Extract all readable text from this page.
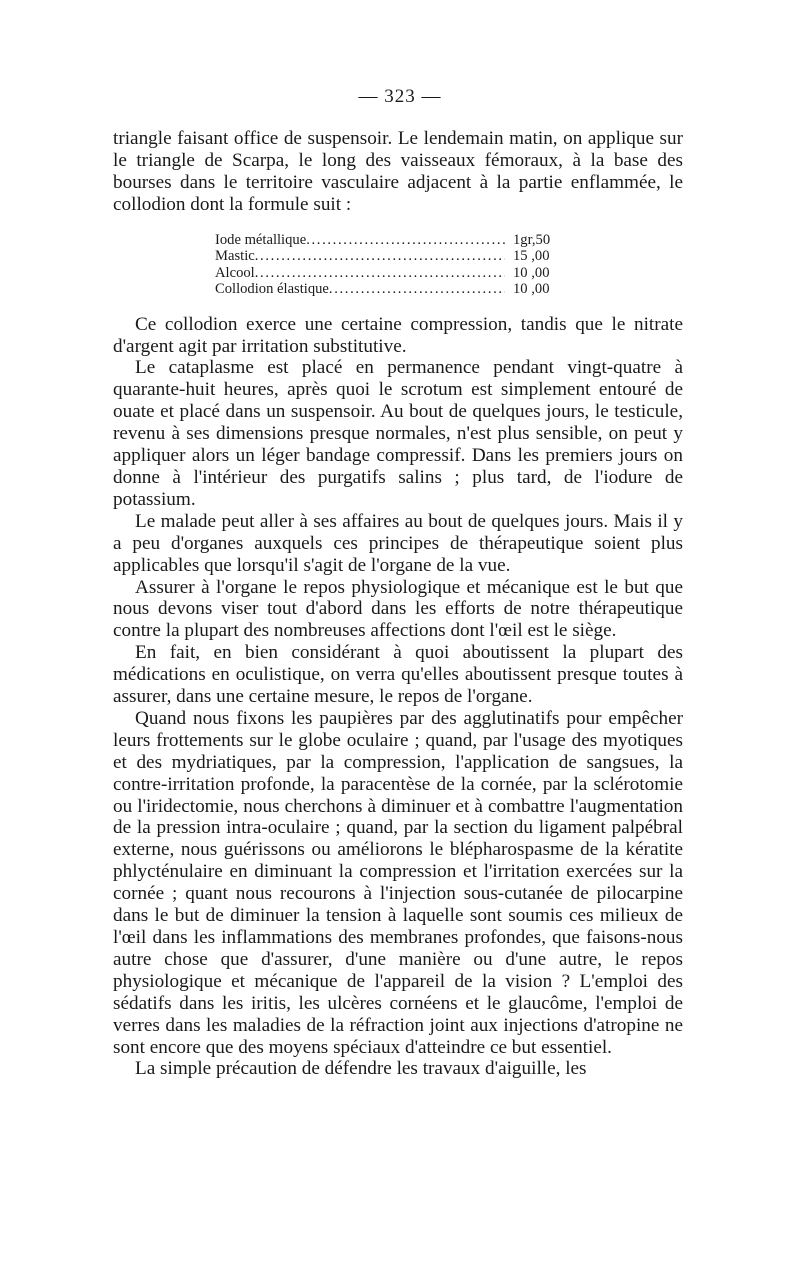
— 323 —

triangle faisant office de suspensoir. Le lendemain matin, on applique sur le triangle de Scarpa, le long des vaisseaux fémoraux, à la base des bourses dans le territoire vasculaire adjacent à la partie enflammée, le collodion dont la formule suit :

Iode métallique . . .	1gr,50
Mastic . . .	15 ,00
Alcool . . .	10 ,00
Collodion élastique . . .	10 ,00

Ce collodion exerce une certaine compression, tandis que le nitrate d'argent agit par irritation substitutive.

Le cataplasme est placé en permanence pendant vingt-quatre à quarante-huit heures, après quoi le scrotum est simplement entouré de ouate et placé dans un suspensoir. Au bout de quelques jours, le testicule, revenu à ses dimensions presque normales, n'est plus sensible, on peut y appliquer alors un léger bandage compressif. Dans les premiers jours on donne à l'intérieur des purgatifs salins ; plus tard, de l'iodure de potassium.

Le malade peut aller à ses affaires au bout de quelques jours. Mais il y a peu d'organes auxquels ces principes de thérapeutique soient plus applicables que lorsqu'il s'agit de l'organe de la vue.

Assurer à l'organe le repos physiologique et mécanique est le but que nous devons viser tout d'abord dans les efforts de notre thérapeutique contre la plupart des nombreuses affections dont l'œil est le siège.

En fait, en bien considérant à quoi aboutissent la plupart des médications en oculistique, on verra qu'elles aboutissent presque toutes à assurer, dans une certaine mesure, le repos de l'organe.

Quand nous fixons les paupières par des agglutinatifs pour empêcher leurs frottements sur le globe oculaire ; quand, par l'usage des myotiques et des mydriatiques, par la compression, l'application de sangsues, la contre-irritation profonde, la paracentèse de la cornée, par la sclérotomie ou l'iridectomie, nous cherchons à diminuer et à combattre l'augmentation de la pression intra-oculaire ; quand, par la section du ligament palpébral externe, nous guérissons ou améliorons le blépharospasme de la kératite phlycténulaire en diminuant la compression et l'irritation exercées sur la cornée ; quant nous recourons à l'injection sous-cutanée de pilocarpine dans le but de diminuer la tension à laquelle sont soumis ces milieux de l'œil dans les inflammations des membranes profondes, que faisons-nous autre chose que d'assurer, d'une manière ou d'une autre, le repos physiologique et mécanique de l'appareil de la vision ? L'emploi des sédatifs dans les iritis, les ulcères cornéens et le glaucôme, l'emploi de verres dans les maladies de la réfraction joint aux injections d'atropine ne sont encore que des moyens spéciaux d'atteindre ce but essentiel.

La simple précaution de défendre les travaux d'aiguille, les
